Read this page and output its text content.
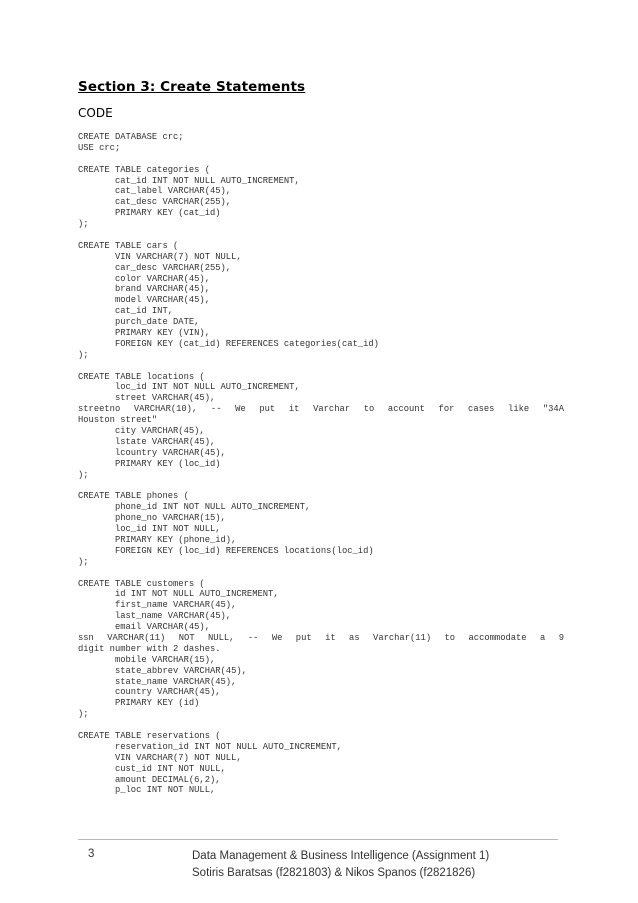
Section 3: Create Statements
CODE
CREATE DATABASE crc;
USE crc;
CREATE TABLE categories (
cat_id INT NOT NULL AUTO_INCREMENT,
cat_label VARCHAR(45),
cat_desc VARCHAR(255),
PRIMARY KEY (cat_id)
);
CREATE TABLE cars (
VIN VARCHAR(7) NOT NULL,
car_desc VARCHAR(255),
color VARCHAR(45),
brand VARCHAR(45),
model VARCHAR(45),
cat_id INT,
purch_date DATE,
PRIMARY KEY (VIN),
FOREIGN KEY (cat_id) REFERENCES categories(cat_id)
);
CREATE TABLE locations (
loc_id INT NOT NULL AUTO_INCREMENT,
street VARCHAR(45),
streetno VARCHAR(10), -- We put it Varchar to account for cases like "34A
Houston street"
city VARCHAR(45),
lstate VARCHAR(45),
lcountry VARCHAR(45),
PRIMARY KEY (loc_id)
);
CREATE TABLE phones (
phone_id INT NOT NULL AUTO_INCREMENT,
phone_no VARCHAR(15),
loc_id INT NOT NULL,
PRIMARY KEY (phone_id),
FOREIGN KEY (loc_id) REFERENCES locations(loc_id)
);
CREATE TABLE customers (
id INT NOT NULL AUTO_INCREMENT,
first_name VARCHAR(45),
last_name VARCHAR(45),
email VARCHAR(45),
ssn VARCHAR(11) NOT NULL, -- We put it as Varchar(11) to accommodate a 9
digit number with 2 dashes.
mobile VARCHAR(15),
state_abbrev VARCHAR(45),
state_name VARCHAR(45),
country VARCHAR(45),
PRIMARY KEY (id)
);
CREATE TABLE reservations (
reservation_id INT NOT NULL AUTO_INCREMENT,
VIN VARCHAR(7) NOT NULL,
cust_id INT NOT NULL,
amount DECIMAL(6,2),
p_loc INT NOT NULL,
3	Data Management & Business Intelligence (Assignment 1)
Sotiris Baratsas (f2821803) & Nikos Spanos (f2821826)
